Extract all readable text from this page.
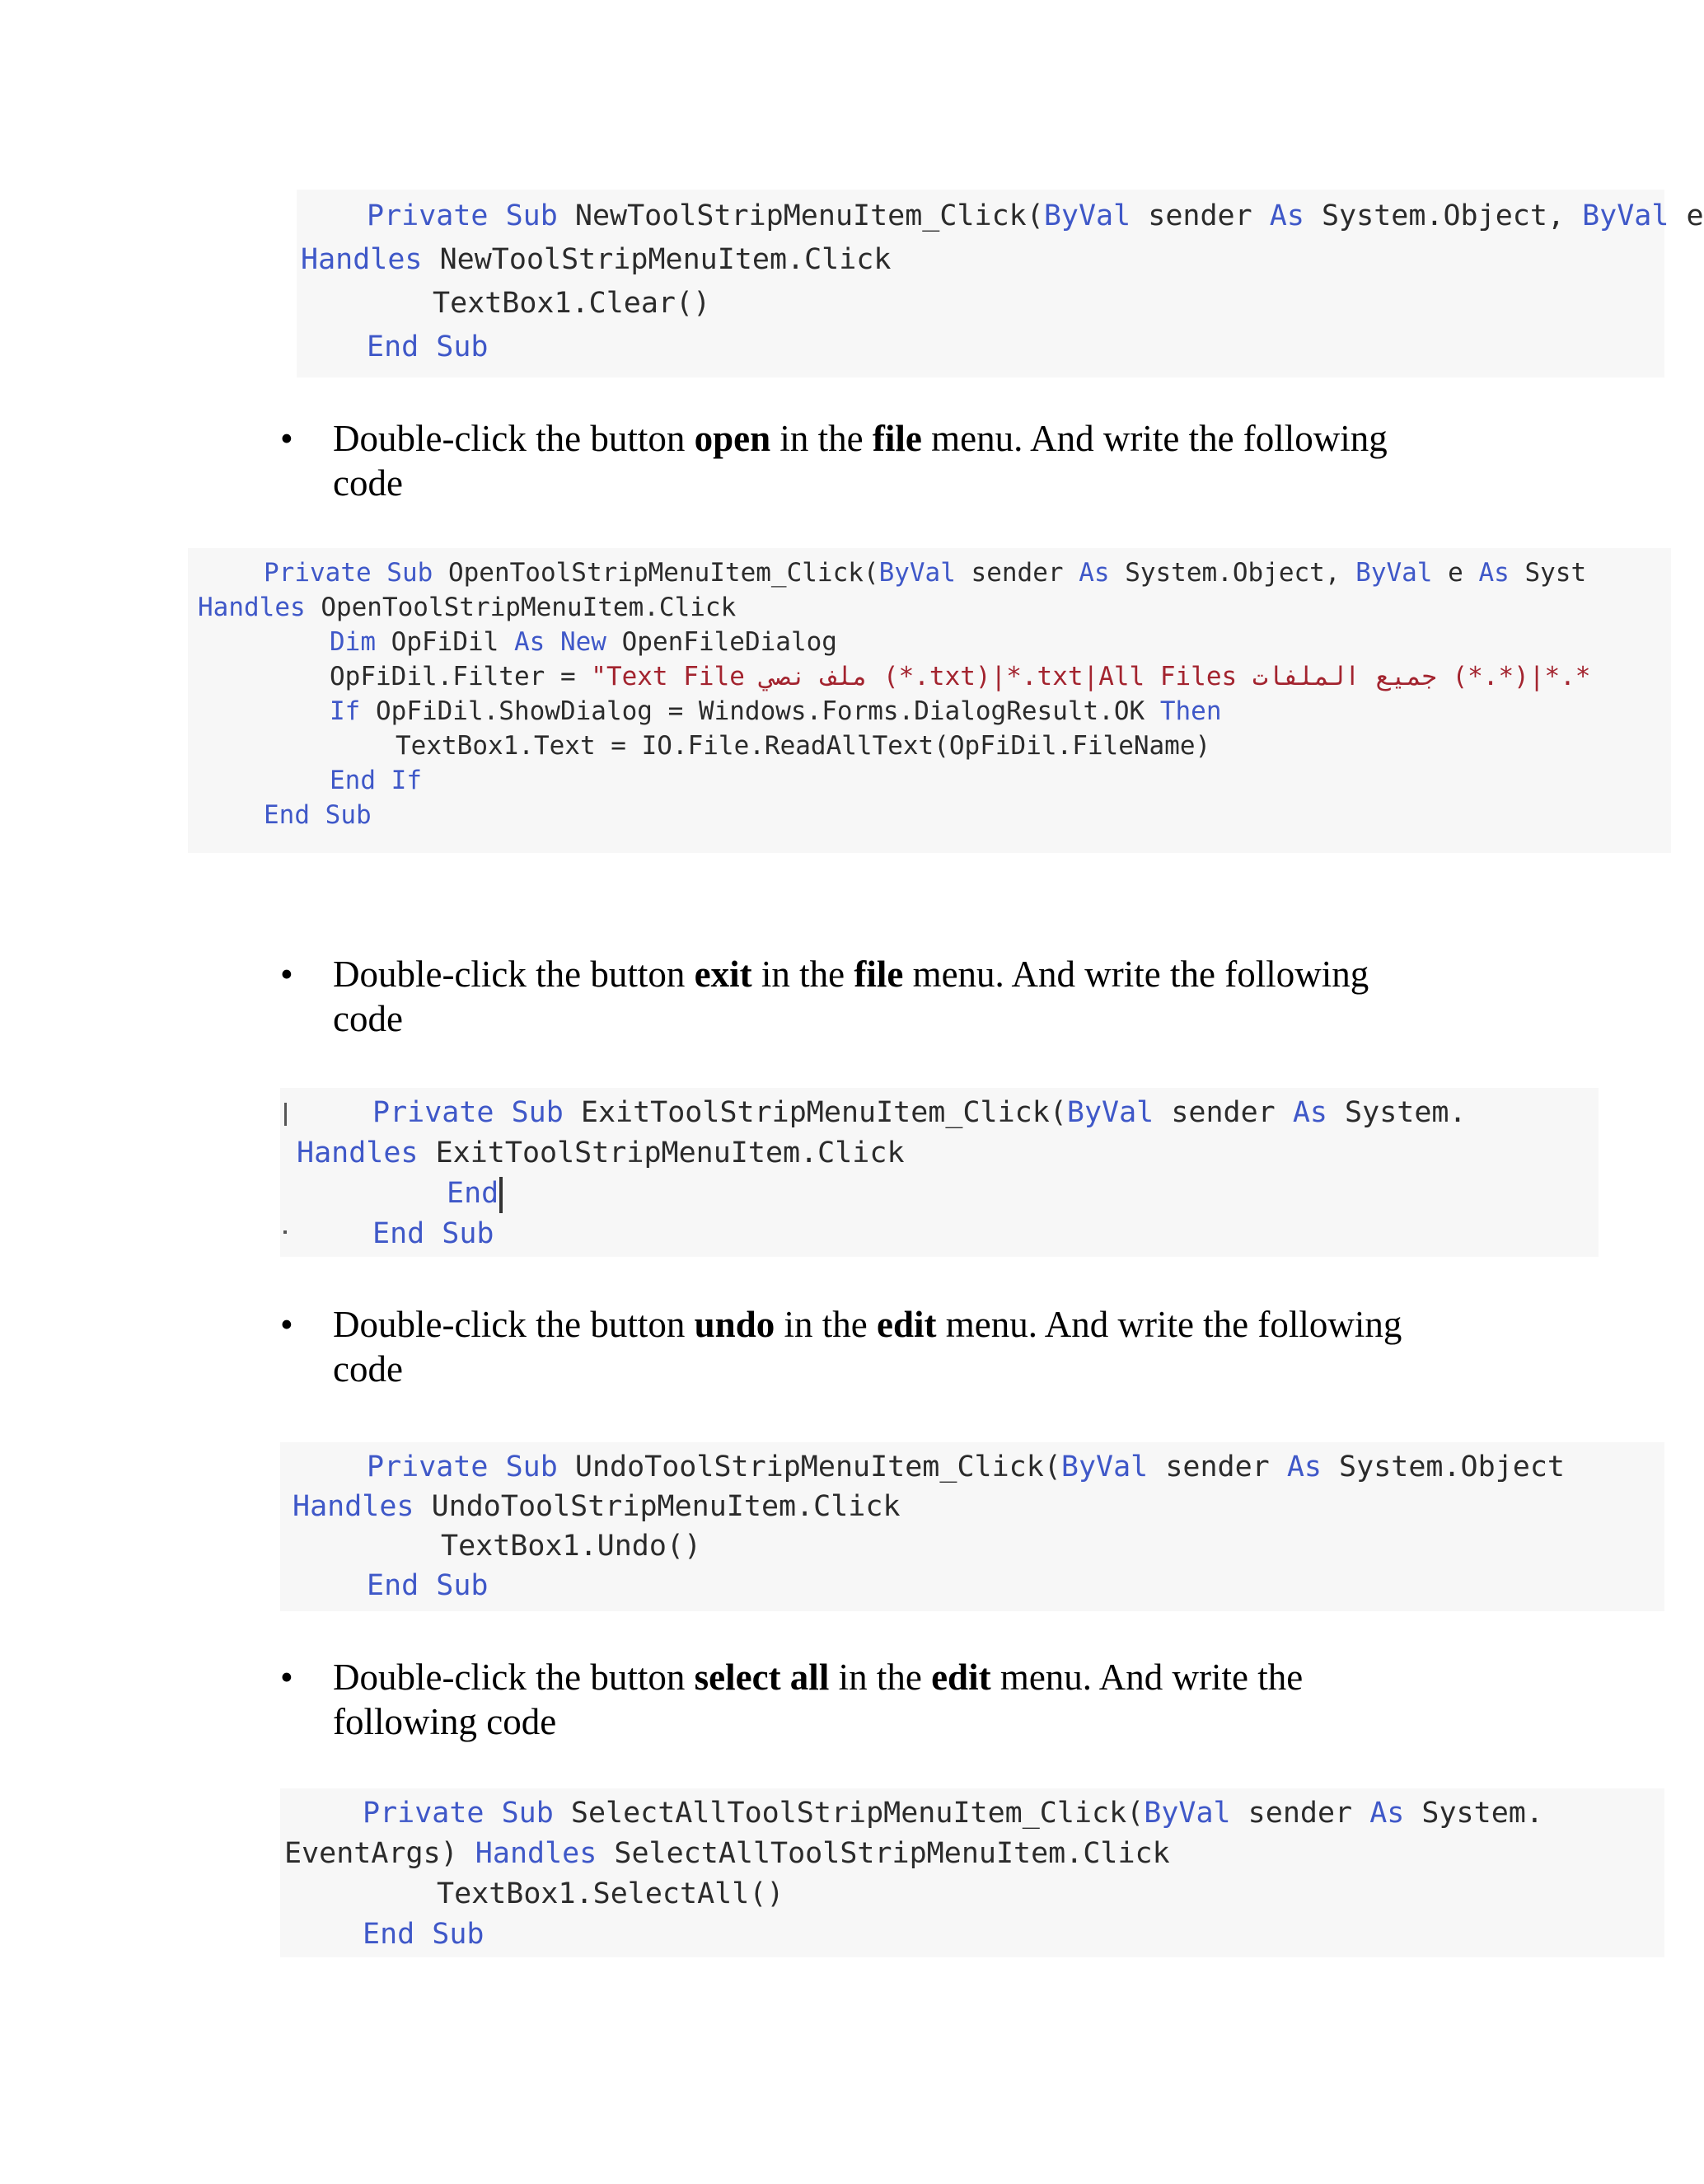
Private Sub NewToolStripMenuItem_Click(ByVal sender As System.Object, ByVal e

Handles NewToolStripMenuItem.Click

TextBox1.Clear()

End Sub

• Double-click the button open in the file menu. And write the following
code

Private Sub OpenToolStripMenuItem_Click(ByVal sender As System.Object, ByVal e As Syst

Handles OpenToolStripMenuItem.Click

Dim OpFiDil As New OpenFileDialog

OpFiDil.Filter = "Text File ملف نصي (*.txt)|*.txt|All Files جميع الملفات (*.*)|*.*

If OpFiDil.ShowDialog = Windows.Forms.DialogResult.OK Then

TextBox1.Text = IO.File.ReadAllText(OpFiDil.FileName)

End If

End Sub

• Double-click the button exit in the file menu. And write the following
code

Private Sub ExitToolStripMenuItem_Click(ByVal sender As System.

Handles ExitToolStripMenuItem.Click

End

End Sub

• Double-click the button undo in the edit menu. And write the following
code

Private Sub UndoToolStripMenuItem_Click(ByVal sender As System.Object

Handles UndoToolStripMenuItem.Click

TextBox1.Undo()

End Sub

• Double-click the button select all in the edit menu. And write the
following code

Private Sub SelectAllToolStripMenuItem_Click(ByVal sender As System.

EventArgs) Handles SelectAllToolStripMenuItem.Click

TextBox1.SelectAll()

End Sub
